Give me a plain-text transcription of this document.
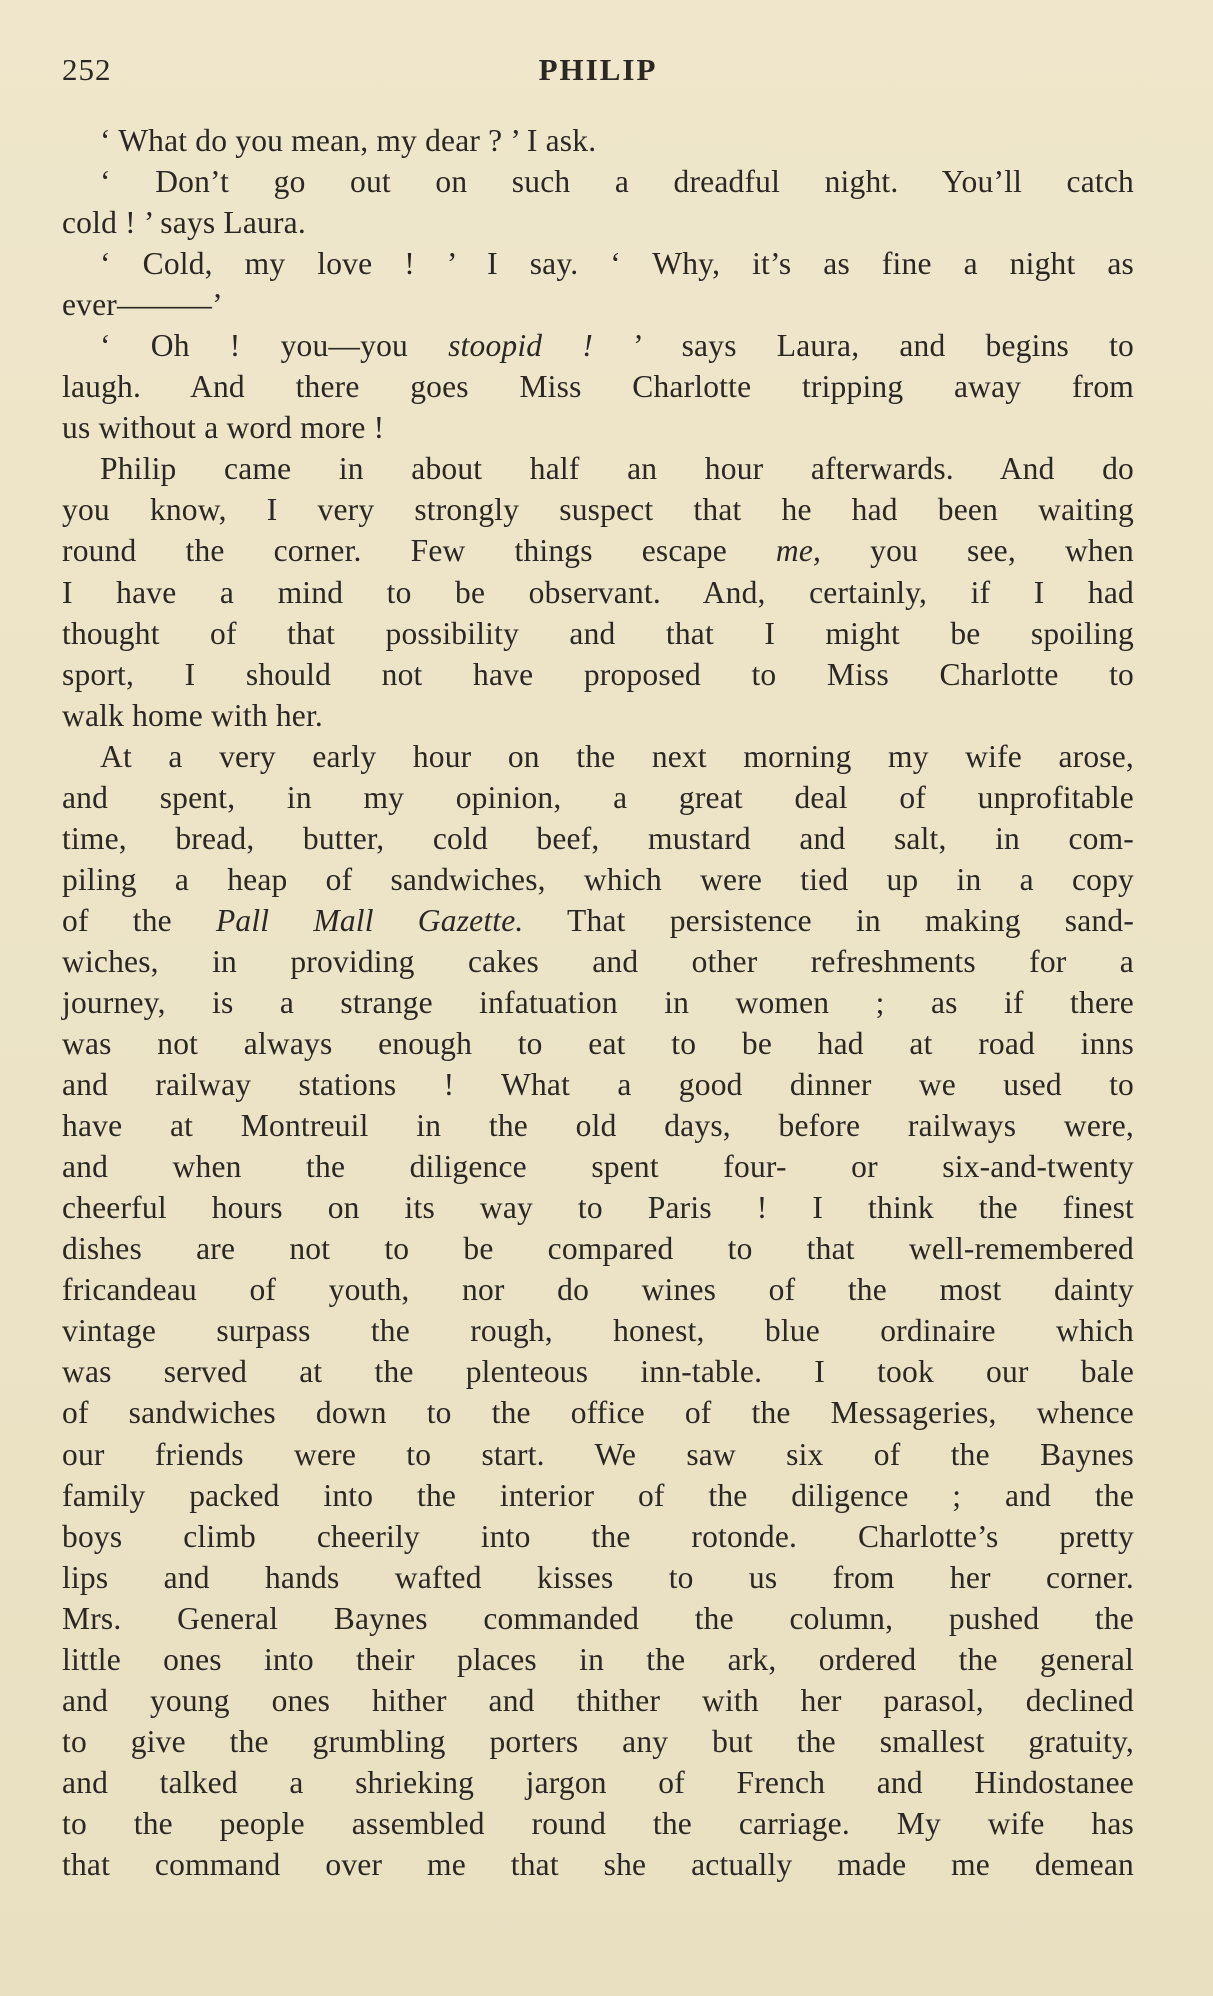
252	PHILIP
‘ What do you mean, my dear ? ’ I ask.
‘ Don’t go out on such a dreadful night. You’ll catch
cold ! ’ says Laura.
‘ Cold, my love ! ’ I say. ‘ Why, it’s as fine a night as
ever———’
‘ Oh ! you—you stoopid ! ’ says Laura, and begins to
laugh. And there goes Miss Charlotte tripping away from
us without a word more !
Philip came in about half an hour afterwards. And do
you know, I very strongly suspect that he had been waiting
round the corner. Few things escape me, you see, when
I have a mind to be observant. And, certainly, if I had
thought of that possibility and that I might be spoiling
sport, I should not have proposed to Miss Charlotte to
walk home with her.
At a very early hour on the next morning my wife arose,
and spent, in my opinion, a great deal of unprofitable
time, bread, butter, cold beef, mustard and salt, in com-
piling a heap of sandwiches, which were tied up in a copy
of the Pall Mall Gazette. That persistence in making sand-
wiches, in providing cakes and other refreshments for a
journey, is a strange infatuation in women ; as if there
was not always enough to eat to be had at road inns
and railway stations ! What a good dinner we used to
have at Montreuil in the old days, before railways were,
and when the diligence spent four- or six-and-twenty
cheerful hours on its way to Paris ! I think the finest
dishes are not to be compared to that well-remembered
fricandeau of youth, nor do wines of the most dainty
vintage surpass the rough, honest, blue ordinaire which
was served at the plenteous inn-table. I took our bale
of sandwiches down to the office of the Messageries, whence
our friends were to start. We saw six of the Baynes
family packed into the interior of the diligence ; and the
boys climb cheerily into the rotonde. Charlotte’s pretty
lips and hands wafted kisses to us from her corner.
Mrs. General Baynes commanded the column, pushed the
little ones into their places in the ark, ordered the general
and young ones hither and thither with her parasol, declined
to give the grumbling porters any but the smallest gratuity,
and talked a shrieking jargon of French and Hindostanee
to the people assembled round the carriage. My wife has
that command over me that she actually made me demean
